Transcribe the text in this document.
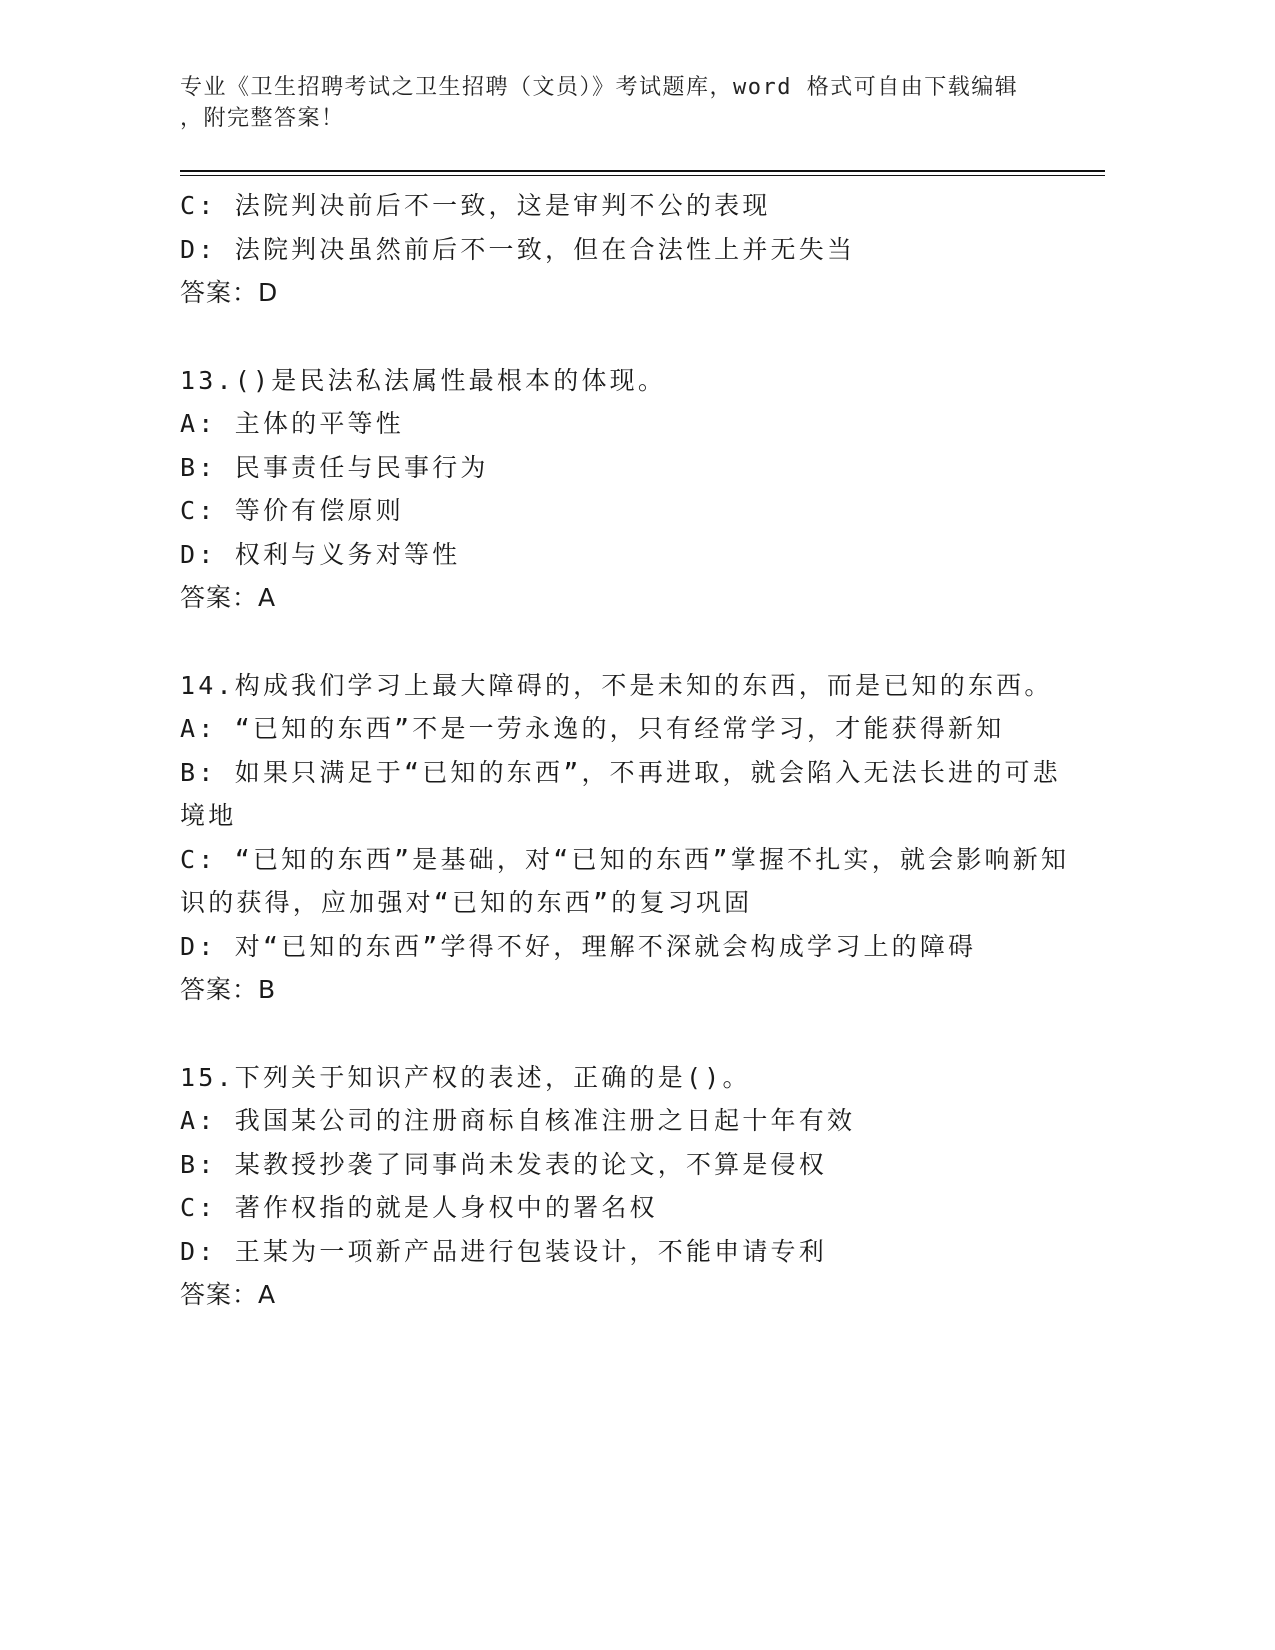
专业《卫生招聘考试之卫生招聘（文员）》考试题库，word 格式可自由下载编辑
，附完整答案！
C: 法院判决前后不一致，这是审判不公的表现
D: 法院判决虽然前后不一致，但在合法性上并无失当
答案：D
13.()是民法私法属性最根本的体现。
A: 主体的平等性
B: 民事责任与民事行为
C: 等价有偿原则
D: 权利与义务对等性
答案：A
14.构成我们学习上最大障碍的，不是未知的东西，而是已知的东西。
A: “已知的东西”不是一劳永逸的，只有经常学习，才能获得新知
B: 如果只满足于“已知的东西”，不再进取，就会陷入无法长进的可悲境地
C: “已知的东西”是基础，对“已知的东西”掌握不扎实，就会影响新知识的获得，应加强对“已知的东西”的复习巩固
D: 对“已知的东西”学得不好，理解不深就会构成学习上的障碍
答案：B
15.下列关于知识产权的表述，正确的是()。
A: 我国某公司的注册商标自核准注册之日起十年有效
B: 某教授抄袭了同事尚未发表的论文，不算是侵权
C: 著作权指的就是人身权中的署名权
D: 王某为一项新产品进行包装设计，不能申请专利
答案：A
